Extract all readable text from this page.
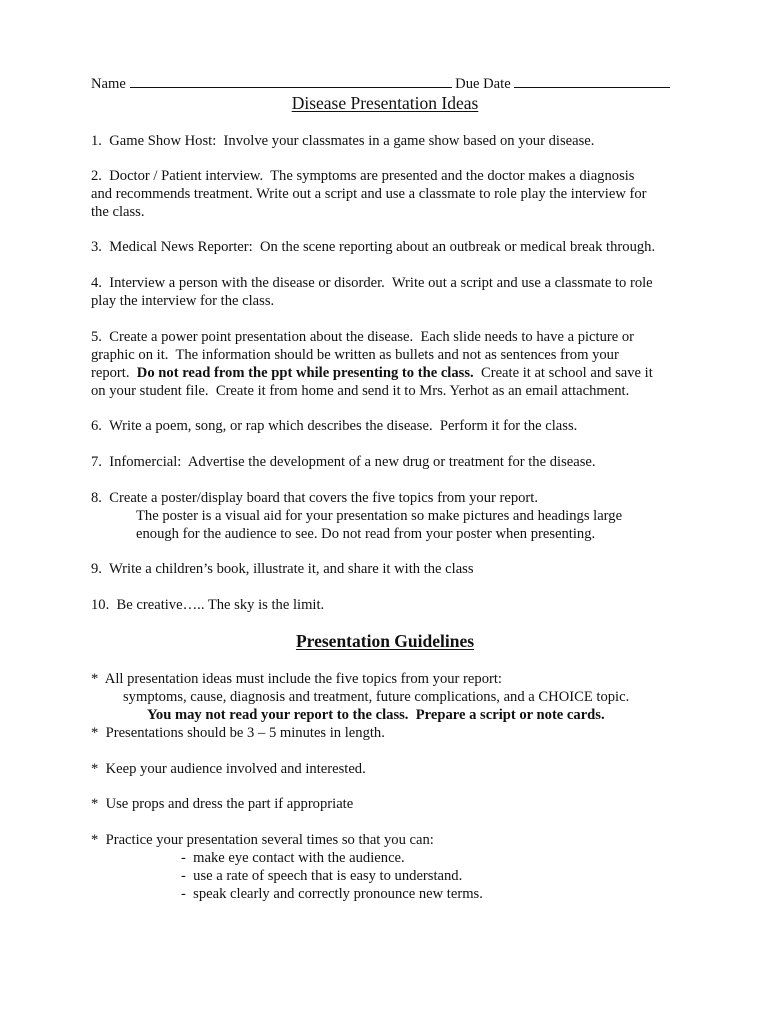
Name	Due Date
Disease Presentation Ideas
1.  Game Show Host:  Involve your classmates in a game show based on your disease.
2.  Doctor / Patient interview.  The symptoms are presented and the doctor makes a diagnosis
and recommends treatment. Write out a script and use a classmate to role play the interview for
the class.
3.  Medical News Reporter:  On the scene reporting about an outbreak or medical break through.
4.  Interview a person with the disease or disorder.  Write out a script and use a classmate to role
play the interview for the class.
5.  Create a power point presentation about the disease.  Each slide needs to have a picture or
graphic on it.  The information should be written as bullets and not as sentences from your
report.  Do not read from the ppt while presenting to the class.  Create it at school and save it
on your student file.  Create it from home and send it to Mrs. Yerhot as an email attachment.
6.  Write a poem, song, or rap which describes the disease.  Perform it for the class.
7.  Infomercial:  Advertise the development of a new drug or treatment for the disease.
8.  Create a poster/display board that covers the five topics from your report.
The poster is a visual aid for your presentation so make pictures and headings large
enough for the audience to see. Do not read from your poster when presenting.
9.  Write a children’s book, illustrate it, and share it with the class
10.  Be creative….. The sky is the limit.
Presentation Guidelines
*  All presentation ideas must include the five topics from your report:
symptoms, cause, diagnosis and treatment, future complications, and a CHOICE topic.
You may not read your report to the class.  Prepare a script or note cards.
*  Presentations should be 3 – 5 minutes in length.
*  Keep your audience involved and interested.
*  Use props and dress the part if appropriate
*  Practice your presentation several times so that you can:
-  make eye contact with the audience.
-  use a rate of speech that is easy to understand.
-  speak clearly and correctly pronounce new terms.
